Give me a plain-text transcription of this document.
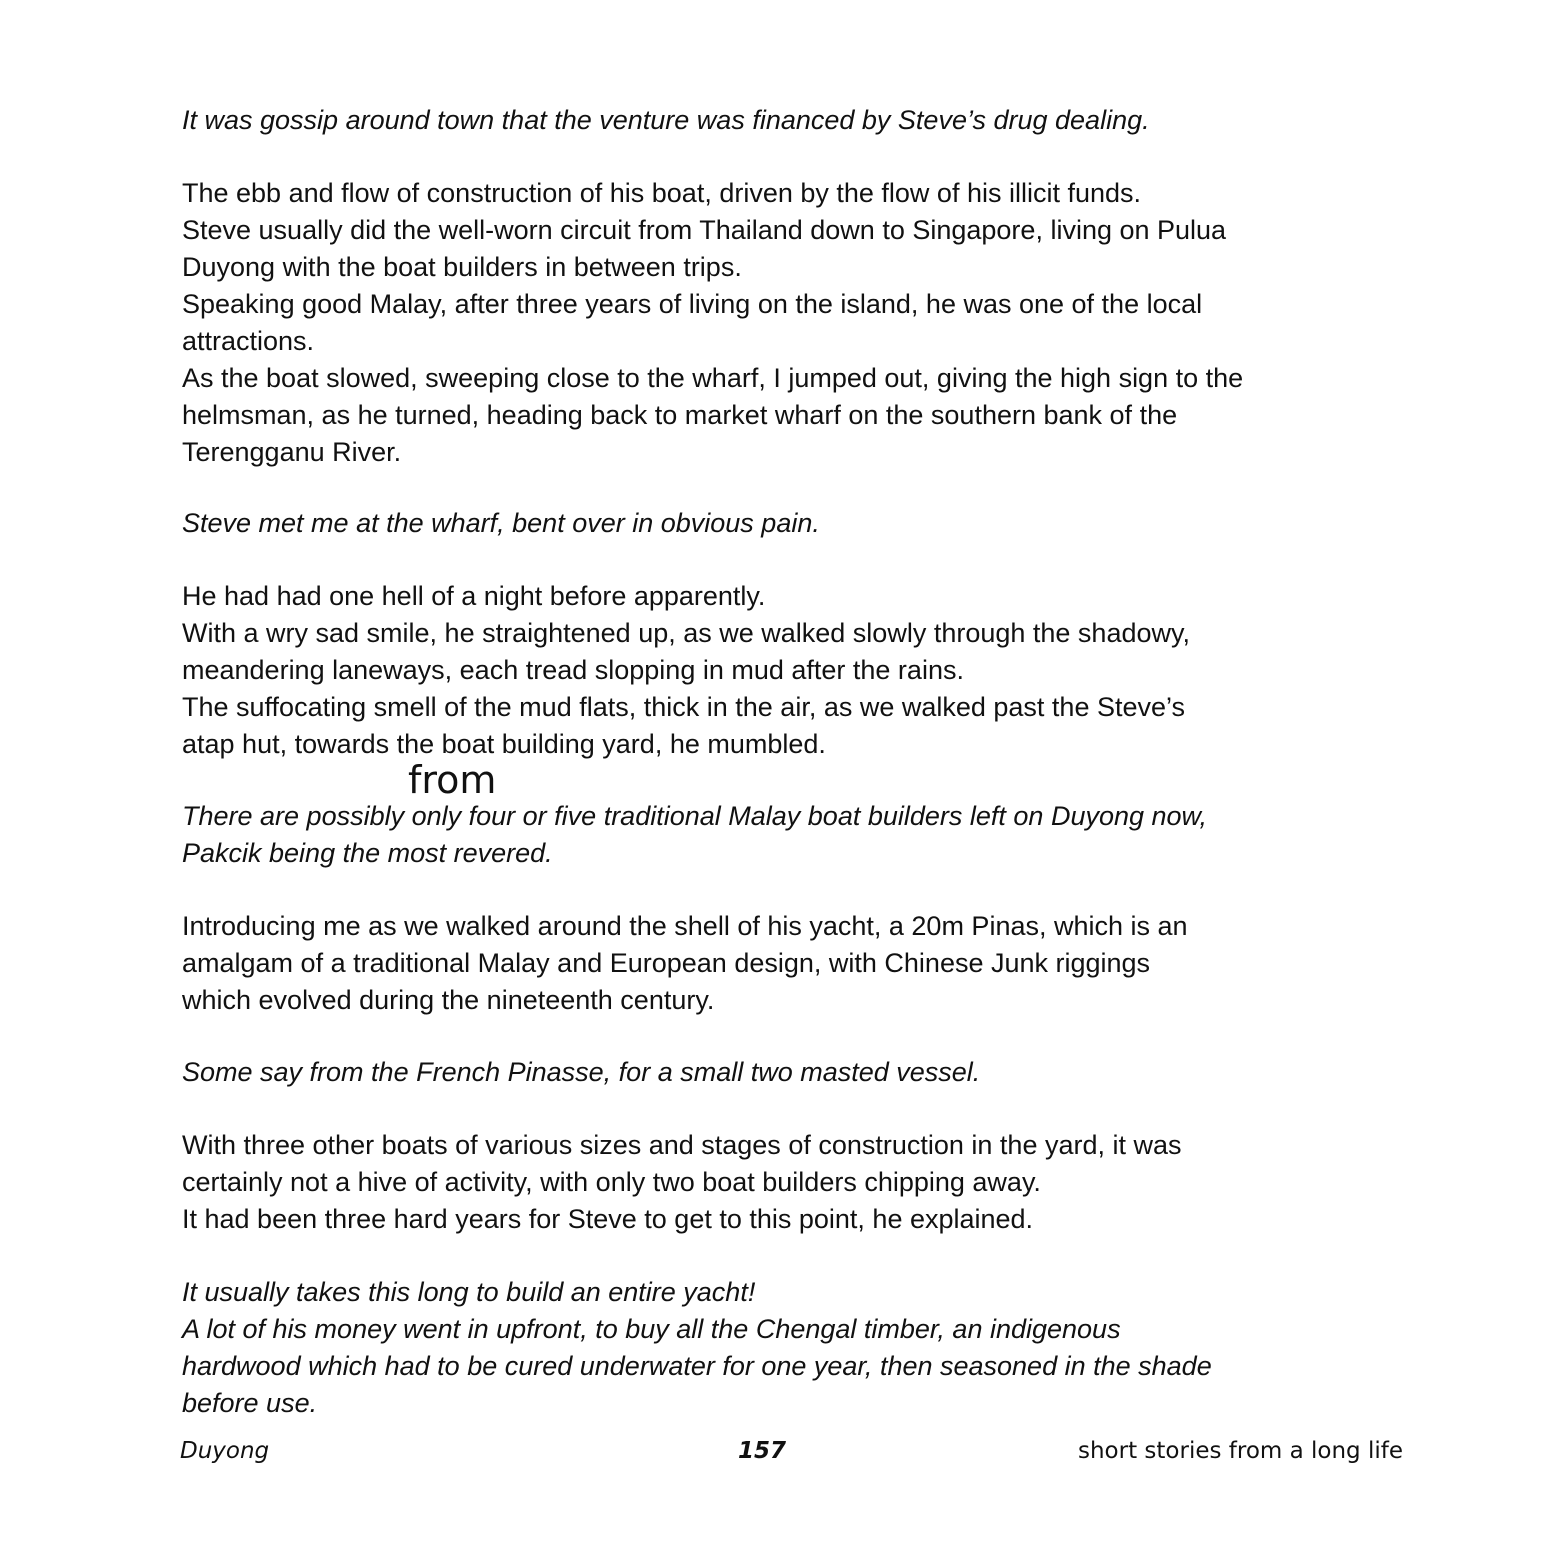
It was gossip around town that the venture was financed by Steve’s drug dealing.
The ebb and flow of construction of his boat, driven by the flow of his illicit funds.
Steve usually did the well-worn circuit from Thailand down to Singapore, living on Pulua
Duyong with the boat builders in between trips.
Speaking good Malay, after three years of living on the island, he was one of the local
attractions.
As the boat slowed, sweeping close to the wharf, I jumped out, giving the high sign to the
helmsman, as he turned, heading back to market wharf on the southern bank of the
Terengganu River.
Steve met me at the wharf, bent over in obvious pain.
He had had one hell of a night before apparently.
With a wry sad smile, he straightened up, as we walked slowly through the shadowy,
meandering laneways, each tread slopping in mud after the rains.
The suffocating smell of the mud flats, thick in the air, as we walked past the Steve’s
atap hut, towards the boat building yard, he mumbled.
from
There are possibly only four or five traditional Malay boat builders left on Duyong now,
Pakcik being the most revered.
Introducing me as we walked around the shell of his yacht, a 20m Pinas, which is an
amalgam of a traditional Malay and European design, with Chinese Junk riggings
which evolved during the nineteenth century.
Some say from the French Pinasse, for a small two masted vessel.
With three other boats of various sizes and stages of construction in the yard, it was
certainly not a hive of activity, with only two boat builders chipping away.
It had been three hard years for Steve to get to this point, he explained.
It usually takes this long to build an entire yacht!
A lot of his money went in upfront, to buy all the Chengal timber, an indigenous
hardwood which had to be cured underwater for one year, then seasoned in the shade
before use.
Duyong	157	short stories from a long life
